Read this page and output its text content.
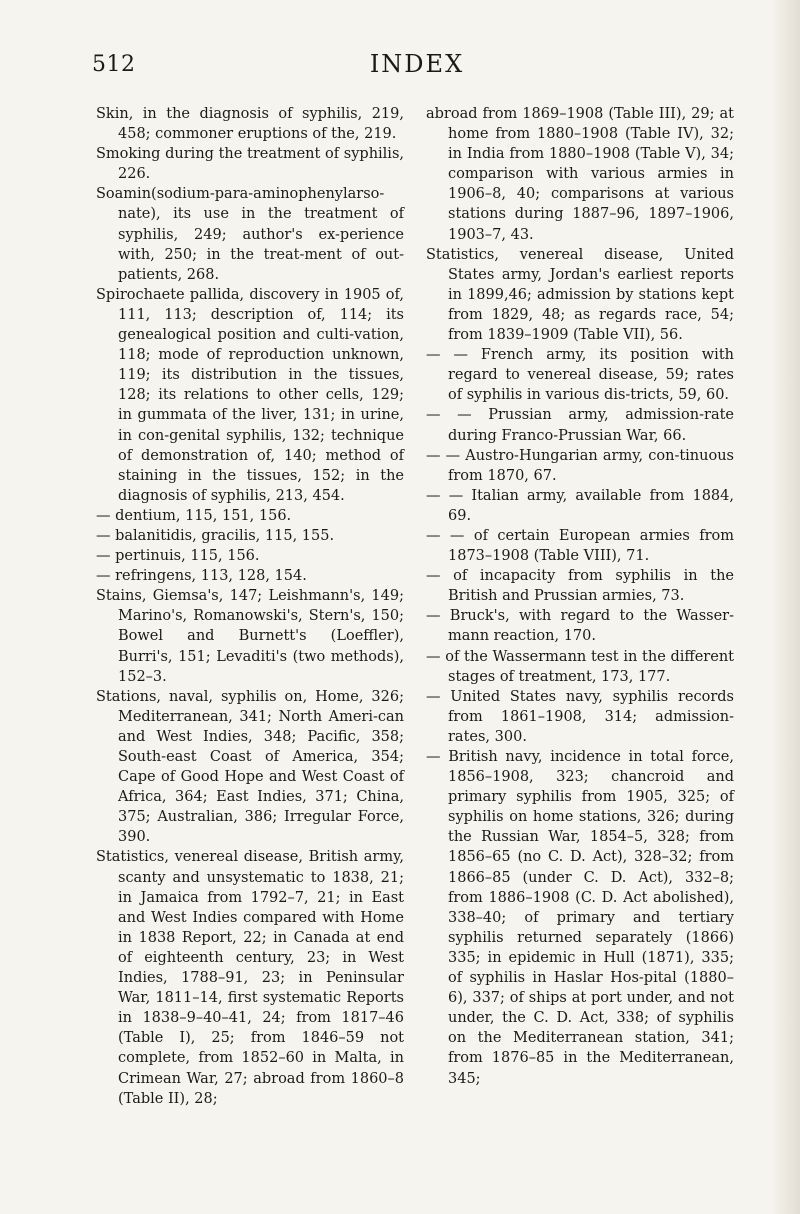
512	INDEX

Skin, in the diagnosis of syphilis, 219, 458; commoner eruptions of the, 219.

Smoking during the treatment of syphilis, 226.

Soamin(sodium-para-aminophenylarso-nate), its use in the treatment of syphilis, 249; author's ex-perience with, 250; in the treat-ment of out-patients, 268.

Spirochaete pallida, discovery in 1905 of, 111, 113; description of, 114; its genealogical position and culti-vation, 118; mode of reproduction unknown, 119; its distribution in the tissues, 128; its relations to other cells, 129; in gummata of the liver, 131; in urine, in con-genital syphilis, 132; technique of demonstration of, 140; method of staining in the tissues, 152; in the diagnosis of syphilis, 213, 454.

— dentium, 115, 151, 156.

— balanitidis, gracilis, 115, 155.

— pertinuis, 115, 156.

— refringens, 113, 128, 154.

Stains, Giemsa's, 147; Leishmann's, 149; Marino's, Romanowski's, Stern's, 150; Bowel and Burnett's (Loeffler), Burri's, 151; Levaditi's (two methods), 152–3.

Stations, naval, syphilis on, Home, 326; Mediterranean, 341; North Ameri-can and West Indies, 348; Pacific, 358; South-east Coast of America, 354; Cape of Good Hope and West Coast of Africa, 364; East Indies, 371; China, 375; Australian, 386; Irregular Force, 390.

Statistics, venereal disease, British army, scanty and unsystematic to 1838, 21; in Jamaica from 1792–7, 21; in East and West Indies compared with Home in 1838 Report, 22; in Canada at end of eighteenth century, 23; in West Indies, 1788–91, 23; in Peninsular War, 1811–14, first systematic Reports in 1838–9–40–41, 24; from 1817–46 (Table I), 25; from 1846–59 not complete, from 1852–60 in Malta, in Crimean War, 27; abroad from 1860–8 (Table II), 28;

abroad from 1869–1908 (Table III), 29; at home from 1880–1908 (Table IV), 32; in India from 1880–1908 (Table V), 34; comparison with various armies in 1906–8, 40; comparisons at various stations during 1887–96, 1897–1906, 1903–7, 43.

Statistics, venereal disease, United States army, Jordan's earliest reports in 1899,46; admission by stations kept from 1829, 48; as regards race, 54; from 1839–1909 (Table VII), 56.

— — French army, its position with regard to venereal disease, 59; rates of syphilis in various dis-tricts, 59, 60.

— — Prussian army, admission-rate during Franco-Prussian War, 66.

— — Austro-Hungarian army, con-tinuous from 1870, 67.

— — Italian army, available from 1884, 69.

— — of certain European armies from 1873–1908 (Table VIII), 71.

— of incapacity from syphilis in the British and Prussian armies, 73.

— Bruck's, with regard to the Wasser-mann reaction, 170.

— of the Wassermann test in the different stages of treatment, 173, 177.

— United States navy, syphilis records from 1861–1908, 314; admission-rates, 300.

— British navy, incidence in total force, 1856–1908, 323; chancroid and primary syphilis from 1905, 325; of syphilis on home stations, 326; during the Russian War, 1854–5, 328; from 1856–65 (no C. D. Act), 328–32; from 1866–85 (under C. D. Act), 332–8; from 1886–1908 (C. D. Act abolished), 338–40; of primary and tertiary syphilis returned separately (1866) 335; in epidemic in Hull (1871), 335; of syphilis in Haslar Hos-pital (1880–6), 337; of ships at port under, and not under, the C. D. Act, 338; of syphilis on the Mediterranean station, 341; from 1876–85 in the Mediterranean, 345;
